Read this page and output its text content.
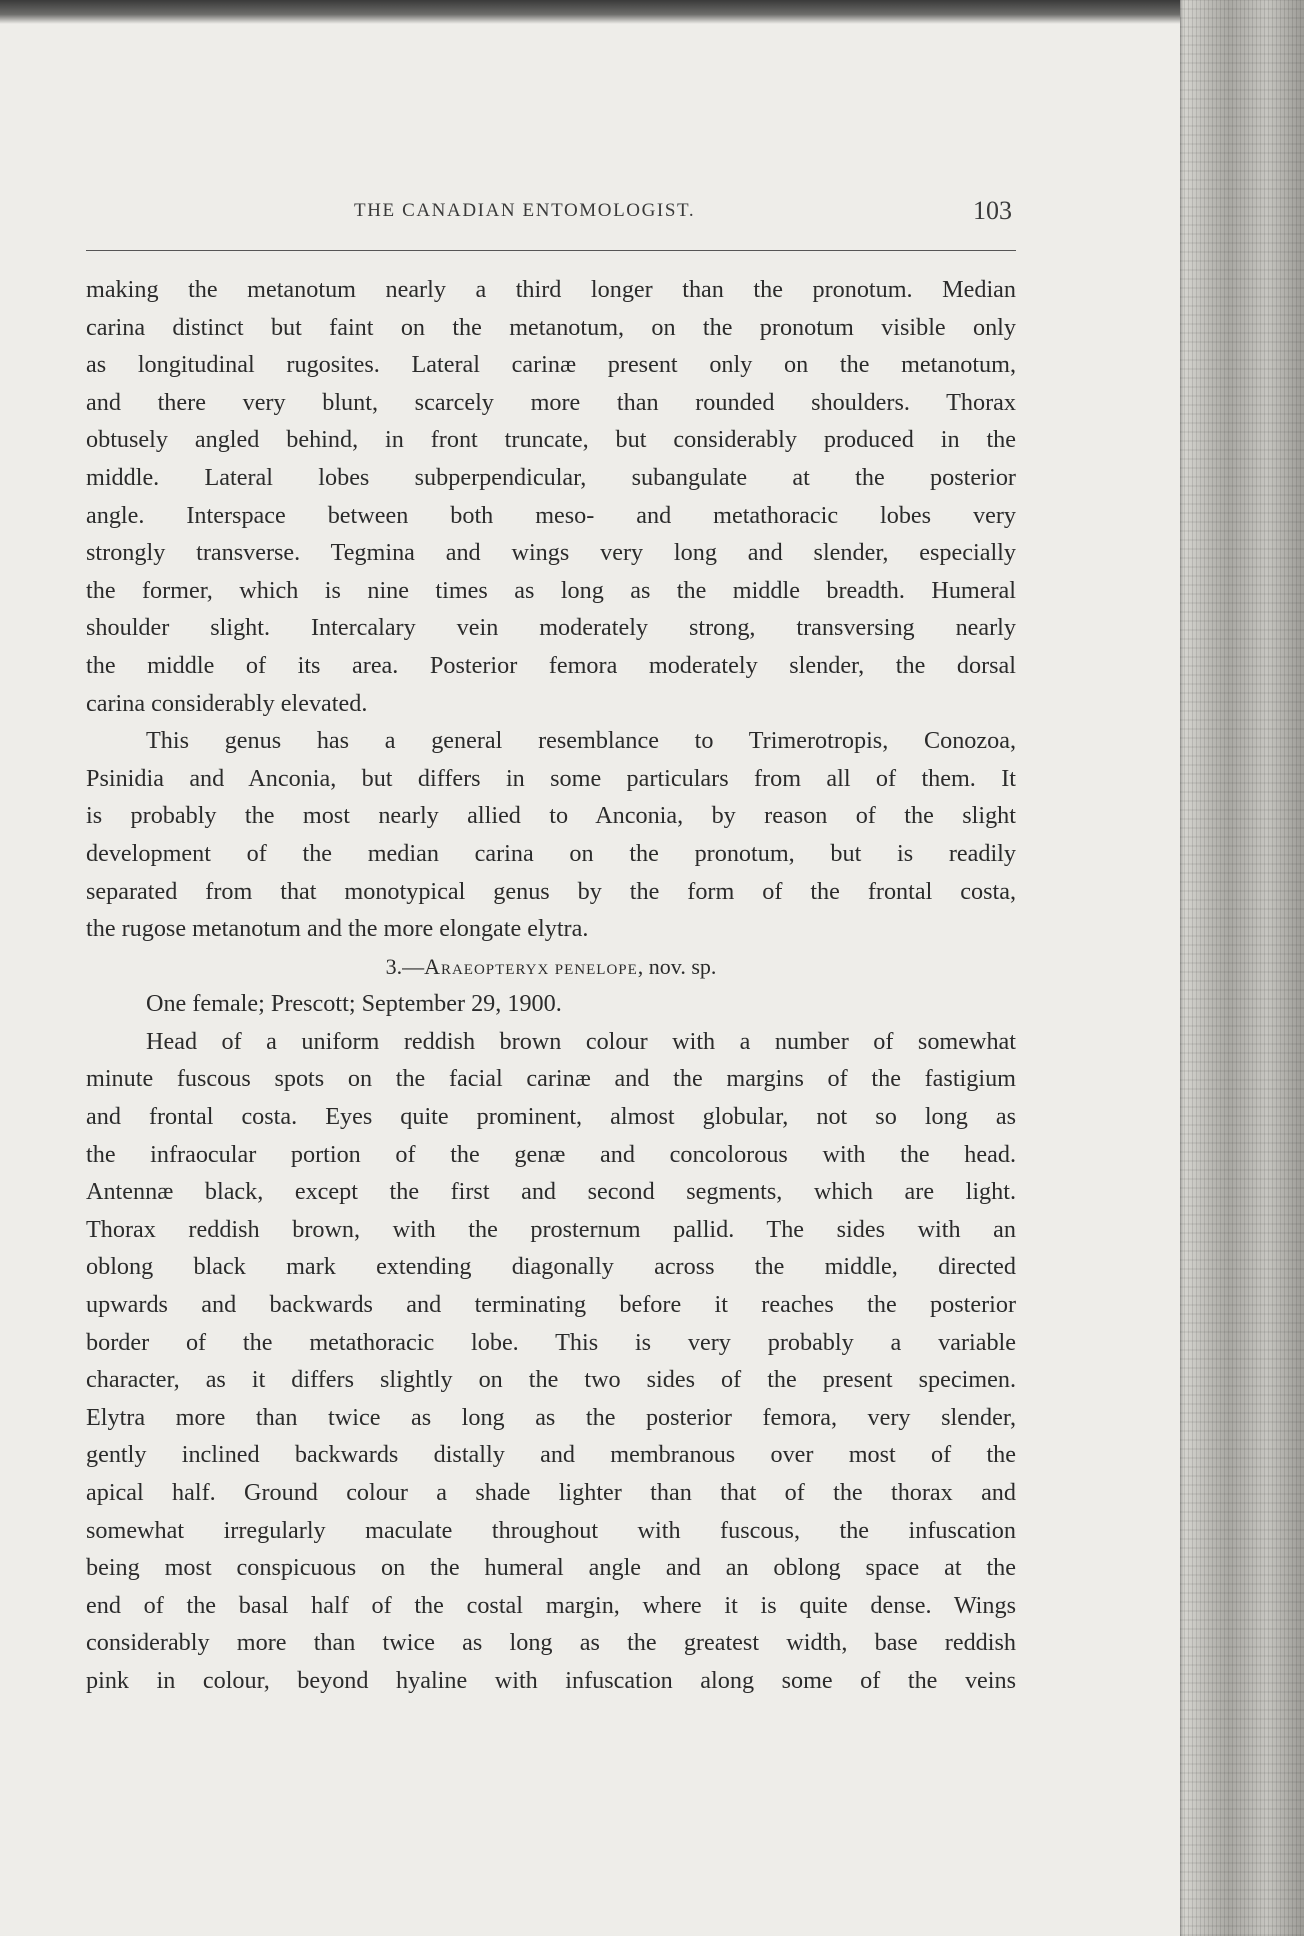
THE CANADIAN ENTOMOLOGIST.	103
making the metanotum nearly a third longer than the pronotum. Median
carina distinct but faint on the metanotum, on the pronotum visible only
as longitudinal rugosites. Lateral carinæ present only on the metanotum,
and there very blunt, scarcely more than rounded shoulders. Thorax
obtusely angled behind, in front truncate, but considerably produced in the
middle. Lateral lobes subperpendicular, subangulate at the posterior
angle. Interspace between both meso- and metathoracic lobes very
strongly transverse. Tegmina and wings very long and slender, especially
the former, which is nine times as long as the middle breadth. Humeral
shoulder slight. Intercalary vein moderately strong, transversing nearly
the middle of its area. Posterior femora moderately slender, the dorsal
carina considerably elevated.
This genus has a general resemblance to Trimerotropis, Conozoa,
Psinidia and Anconia, but differs in some particulars from all of them. It
is probably the most nearly allied to Anconia, by reason of the slight
development of the median carina on the pronotum, but is readily
separated from that monotypical genus by the form of the frontal costa,
the rugose metanotum and the more elongate elytra.
3.—Araeopteryx penelope, nov. sp.
One female; Prescott; September 29, 1900.
Head of a uniform reddish brown colour with a number of somewhat
minute fuscous spots on the facial carinæ and the margins of the fastigium
and frontal costa. Eyes quite prominent, almost globular, not so long as
the infraocular portion of the genæ and concolorous with the head.
Antennæ black, except the first and second segments, which are light.
Thorax reddish brown, with the prosternum pallid. The sides with an
oblong black mark extending diagonally across the middle, directed
upwards and backwards and terminating before it reaches the posterior
border of the metathoracic lobe. This is very probably a variable
character, as it differs slightly on the two sides of the present specimen.
Elytra more than twice as long as the posterior femora, very slender,
gently inclined backwards distally and membranous over most of the
apical half. Ground colour a shade lighter than that of the thorax and
somewhat irregularly maculate throughout with fuscous, the infuscation
being most conspicuous on the humeral angle and an oblong space at the
end of the basal half of the costal margin, where it is quite dense. Wings
considerably more than twice as long as the greatest width, base reddish
pink in colour, beyond hyaline with infuscation along some of the veins
